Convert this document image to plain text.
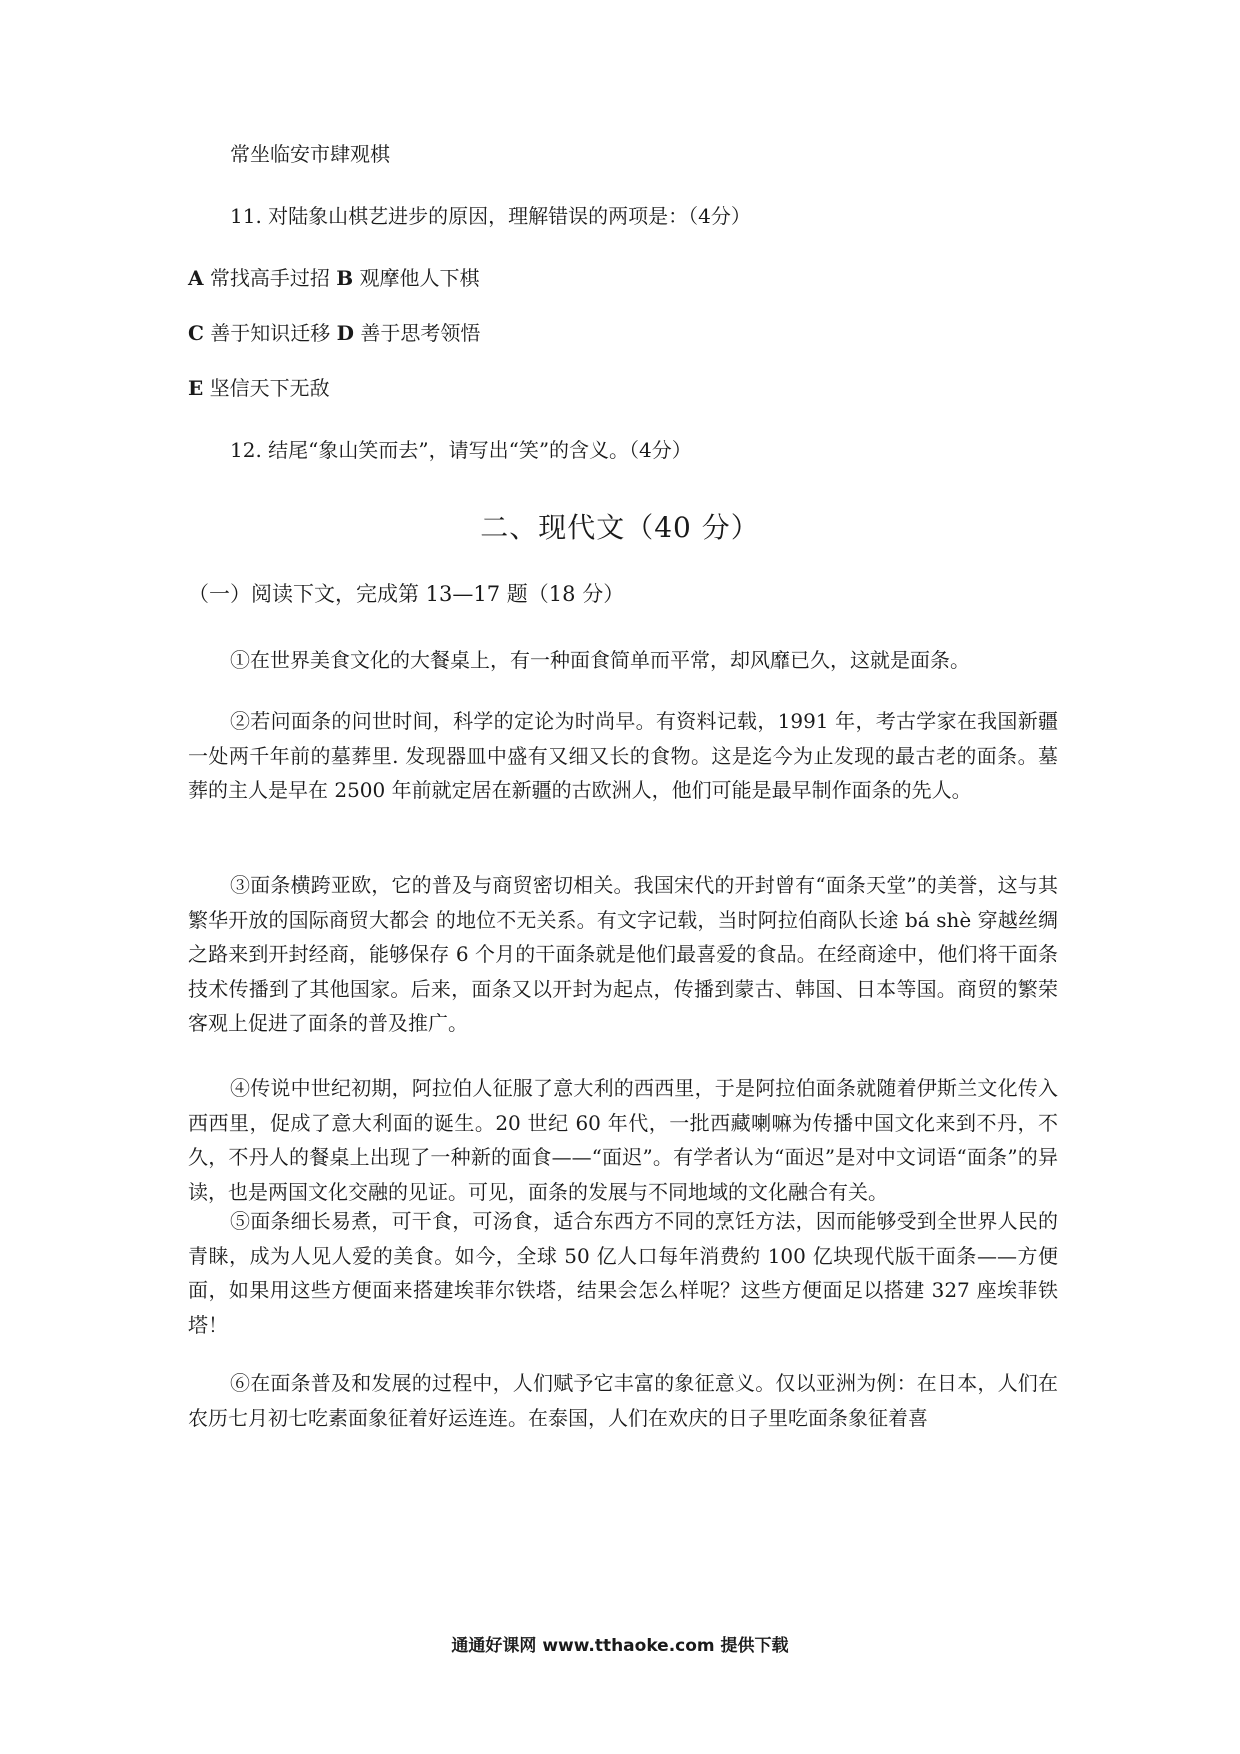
常坐临安市肆观棋
11. 对陆象山棋艺进步的原因，理解错误的两项是：（4分）
A 常找高手过招 B 观摩他人下棋
C 善于知识迁移 D 善于思考领悟
E 坚信天下无敌
12. 结尾“象山笑而去”，请写出“笑”的含义。（4分）
二、现代文（40 分）
（一）阅读下文，完成第 13—17 题（18 分）
①在世界美食文化的大餐桌上，有一种面食简单而平常，却风靡已久，这就是面条。
②若问面条的问世时间，科学的定论为时尚早。有资料记载，1991 年，考古学家在我国新疆一处两千年前的墓葬里. 发现器皿中盛有又细又长的食物。这是迄今为止发现的最古老的面条。墓葬的主人是早在 2500 年前就定居在新疆的古欧洲人，他们可能是最早制作面条的先人。
③面条横跨亚欧，它的普及与商贸密切相关。我国宋代的开封曾有“面条天堂”的美誉，这与其繁华开放的国际商贸大都会 的地位不无关系。有文字记载，当时阿拉伯商队长途 bá shè 穿越丝绸之路来到开封经商，能够保存 6 个月的干面条就是他们最喜爱的食品。在经商途中，他们将干面条技术传播到了其他国家。后来，面条又以开封为起点，传播到蒙古、韩国、日本等国。商贸的繁荣客观上促进了面条的普及推广。
④传说中世纪初期，阿拉伯人征服了意大利的西西里，于是阿拉伯面条就随着伊斯兰文化传入西西里，促成了意大利面的诞生。20 世纪 60 年代，一批西藏喇嘛为传播中国文化来到不丹，不久，不丹人的餐桌上出现了一种新的面食——“面迟”。有学者认为“面迟”是对中文词语“面条”的异读，也是两国文化交融的见证。可见，面条的发展与不同地域的文化融合有关。
⑤面条细长易煮，可干食，可汤食，适合东西方不同的烹饪方法，因而能够受到全世界人民的青睐，成为人见人爱的美食。如今，全球 50 亿人口每年消费約 100 亿块现代版干面条——方便面，如果用这些方便面来搭建埃菲尔铁塔，结果会怎么样呢？这些方便面足以搭建 327 座埃菲铁塔！
⑥在面条普及和发展的过程中，人们赋予它丰富的象征意义。仅以亚洲为例：在日本，人们在农历七月初七吃素面象征着好运连连。在泰国，人们在欢庆的日子里吃面条象征着喜
通通好课网 www.tthaoke.com 提供下载
